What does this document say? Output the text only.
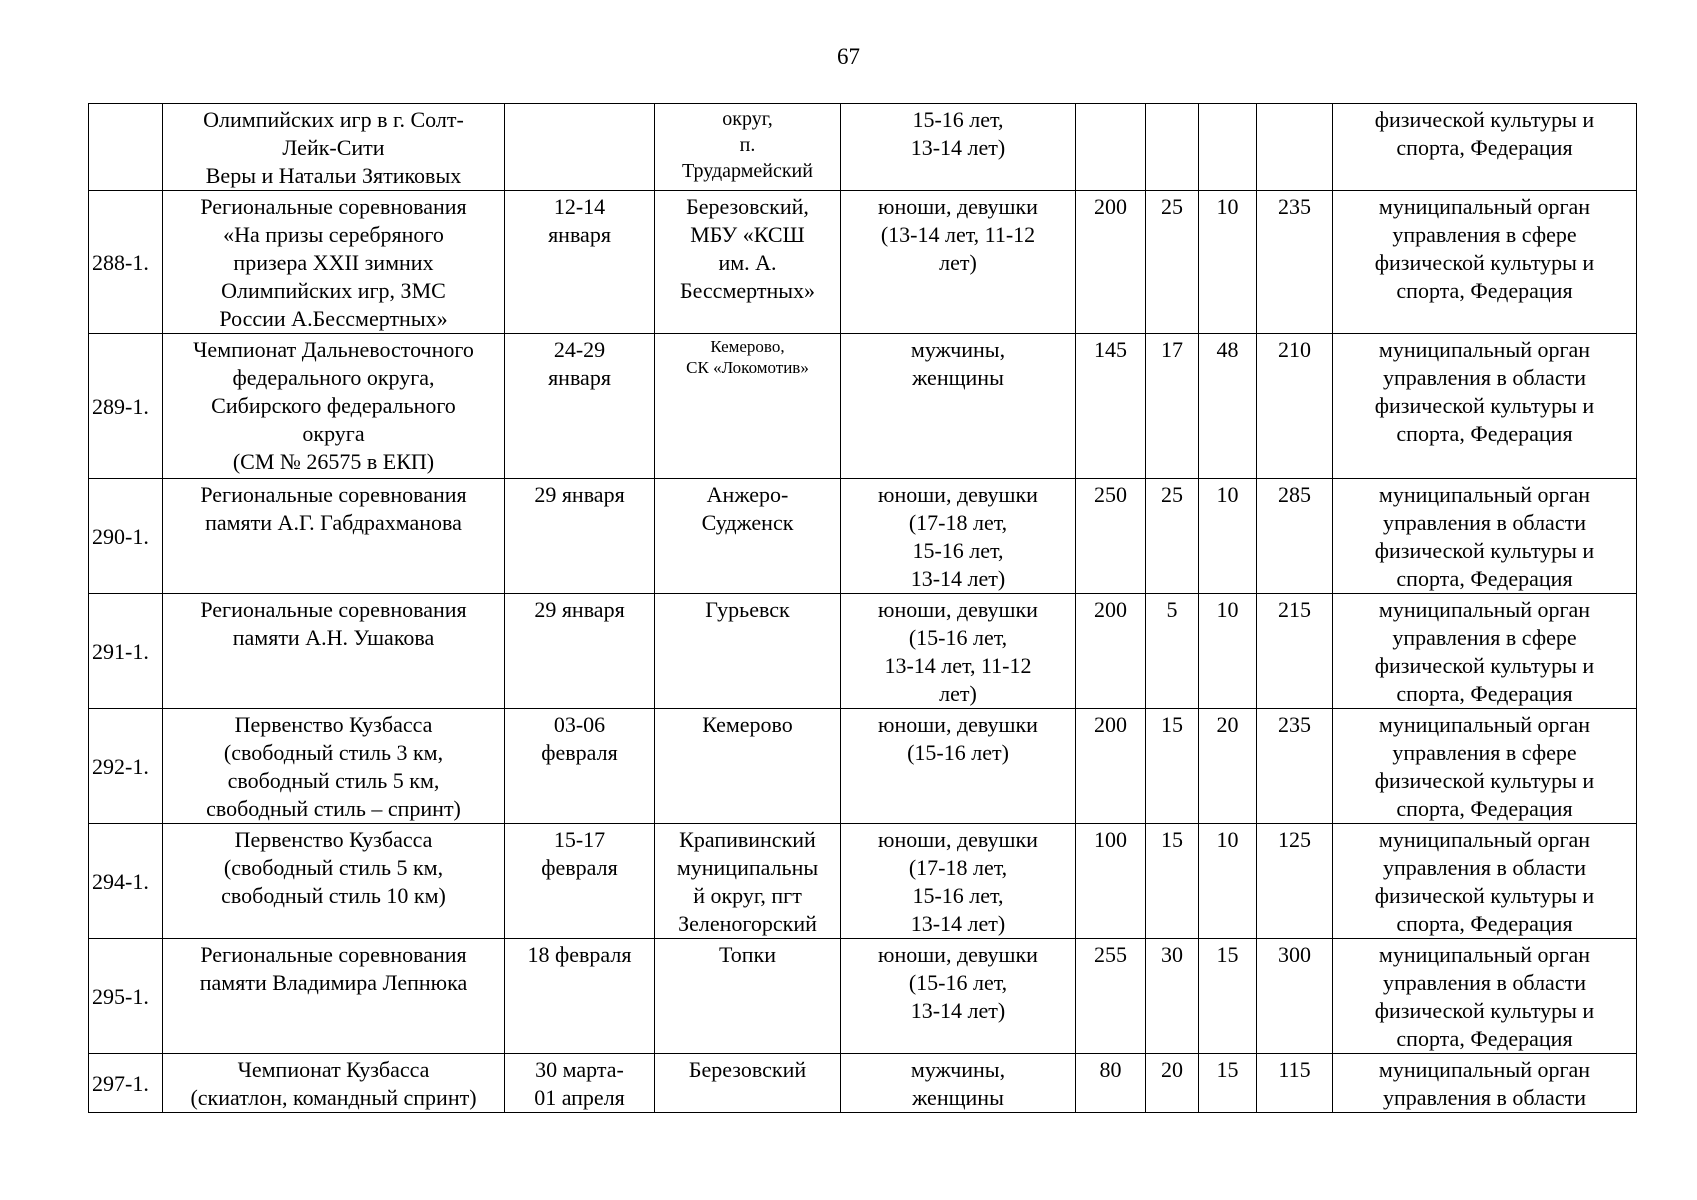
67

	Олимпийских игр в г. Солт-
Лейк-Сити
Веры и Натальи Зятиковых		округ,
п.
Трудармейский	15-16 лет,
13-14 лет)					физической культуры и
спорта, Федерация

288-1.	Региональные соревнования
«На призы серебряного
призера XXII зимних
Олимпийских игр, ЗМС
России А.Бессмертных»	12-14
января	Березовский,
МБУ «КСШ
им. А.
Бессмертных»	юноши, девушки
(13-14 лет, 11-12
лет)	200	25	10	235	муниципальный орган
управления в сфере
физической культуры и
спорта, Федерация

289-1.	Чемпионат Дальневосточного
федерального округа,
Сибирского федерального
округа
(СМ № 26575 в ЕКП)	24-29
января	Кемерово,
СК «Локомотив»	мужчины,
женщины	145	17	48	210	муниципальный орган
управления в области
физической культуры и
спорта, Федерация

290-1.	Региональные соревнования
памяти А.Г. Габдрахманова	29 января	Анжеро-
Судженск	юноши, девушки
(17-18 лет,
15-16 лет,
13-14 лет)	250	25	10	285	муниципальный орган
управления в области
физической культуры и
спорта, Федерация

291-1.	Региональные соревнования
памяти А.Н. Ушакова	29 января	Гурьевск	юноши, девушки
(15-16 лет,
13-14 лет, 11-12
лет)	200	5	10	215	муниципальный орган
управления в сфере
физической культуры и
спорта, Федерация

292-1.	Первенство Кузбасса
(свободный стиль 3 км,
свободный стиль 5 км,
свободный стиль – спринт)	03-06
февраля	Кемерово	юноши, девушки
(15-16 лет)	200	15	20	235	муниципальный орган
управления в сфере
физической культуры и
спорта, Федерация

294-1.	Первенство Кузбасса
(свободный стиль 5 км,
свободный стиль 10 км)	15-17
февраля	Крапивинский
муниципальны
й округ, пгт
Зеленогорский	юноши, девушки
(17-18 лет,
15-16 лет,
13-14 лет)	100	15	10	125	муниципальный орган
управления в области
физической культуры и
спорта, Федерация

295-1.	Региональные соревнования
памяти Владимира Лепнюка	18 февраля	Топки	юноши, девушки
(15-16 лет,
13-14 лет)	255	30	15	300	муниципальный орган
управления в области
физической культуры и
спорта, Федерация

297-1.	Чемпионат Кузбасса
(скиатлон, командный спринт)	30 марта-
01 апреля	Березовский	мужчины,
женщины	80	20	15	115	муниципальный орган
управления в области
